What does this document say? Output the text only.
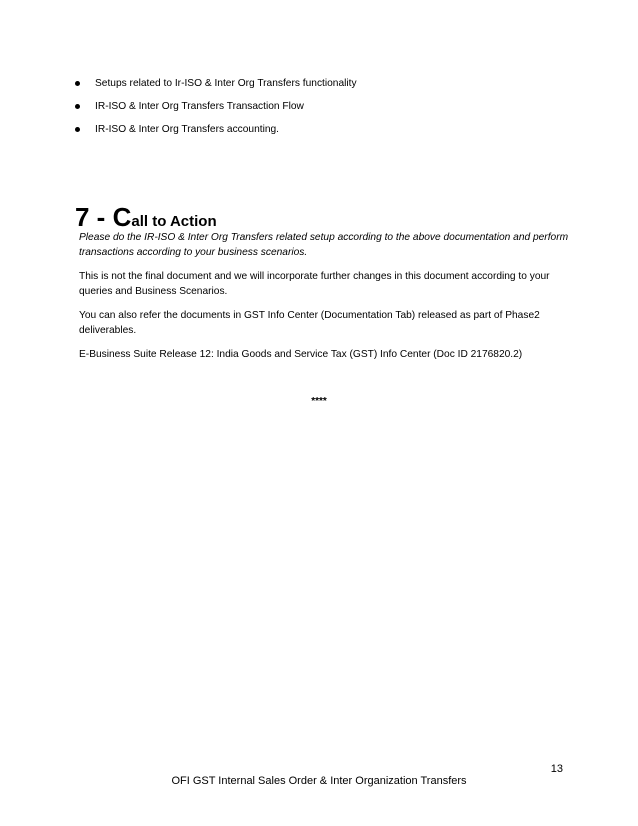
Setups related to Ir-ISO & Inter Org Transfers functionality
IR-ISO & Inter Org Transfers Transaction Flow
IR-ISO & Inter Org Transfers accounting.
7 - Call to Action

Please do the IR-ISO & Inter Org Transfers related setup according to the above documentation and perform transactions according to your business scenarios.

This is not the final document and we will incorporate further changes in this document according to your queries and Business Scenarios.

You can also refer the documents in GST Info Center (Documentation Tab) released as part of Phase2 deliverables.

E-Business Suite Release 12: India Goods and Service Tax (GST) Info Center (Doc ID 2176820.2)

****
13
OFI GST Internal Sales Order & Inter Organization Transfers
